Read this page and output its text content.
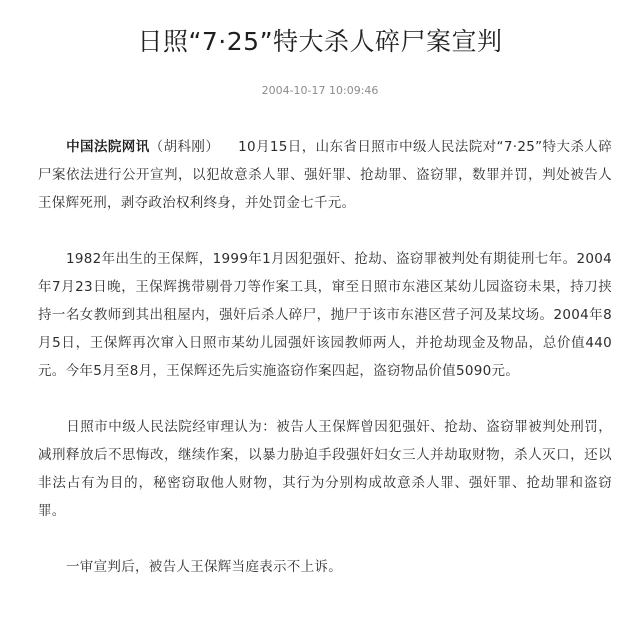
日照“7·25”特大杀人碎尸案宣判
2004-10-17 10:09:46

中国法院网讯（胡科刚） 10月15日，山东省日照市中级人民法院对“7·25”特大杀人碎尸案依法进行公开宣判，以犯故意杀人罪、强奸罪、抢劫罪、盗窃罪，数罪并罚，判处被告人王保辉死刑，剥夺政治权利终身，并处罚金七千元。

1982年出生的王保辉，1999年1月因犯强奸、抢劫、盗窃罪被判处有期徒刑七年。2004年7月23日晚，王保辉携带剔骨刀等作案工具，窜至日照市东港区某幼儿园盗窃未果，持刀挟持一名女教师到其出租屋内，强奸后杀人碎尸，抛尸于该市东港区营子河及某坟场。2004年8月5日，王保辉再次窜入日照市某幼儿园强奸该园教师两人，并抢劫现金及物品，总价值440元。今年5月至8月，王保辉还先后实施盗窃作案四起，盗窃物品价值5090元。

日照市中级人民法院经审理认为：被告人王保辉曾因犯强奸、抢劫、盗窃罪被判处刑罚，减刑释放后不思悔改，继续作案，以暴力胁迫手段强奸妇女三人并劫取财物，杀人灭口，还以非法占有为目的，秘密窃取他人财物，其行为分别构成故意杀人罪、强奸罪、抢劫罪和盗窃罪。

一审宣判后，被告人王保辉当庭表示不上诉。
